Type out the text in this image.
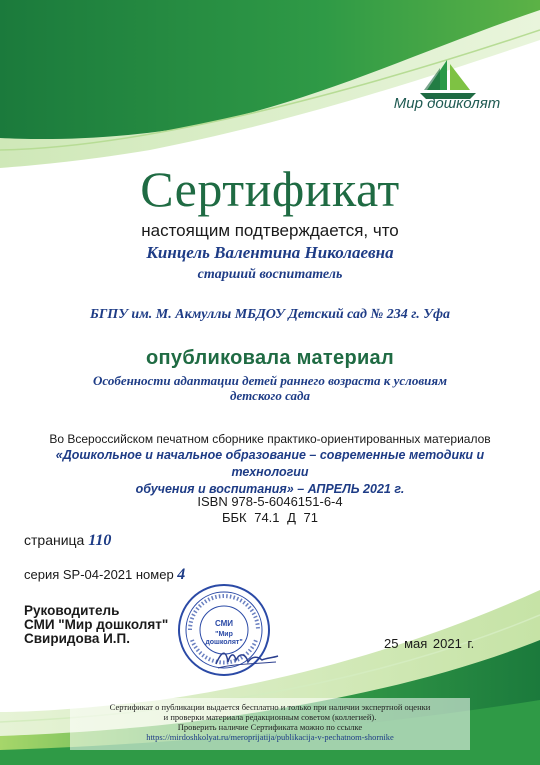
Мир дошколят
Сертификат
настоящим подтверждается, что
Кинцель Валентина Николаевна
старший воспитатель
БГПУ им. М. Акмуллы МБДОУ Детский сад № 234 г. Уфа
опубликовала материал
Особенности адаптации детей раннего возраста к условиям
детского сада
Во Всероссийском печатном сборнике практико-ориентированных материалов
«Дошкольное и начальное образование – современные методики и технологии
обучения и воспитания» – АПРЕЛЬ 2021 г.
ISBN 978-5-6046151-6-4
ББК 74.1 Д 71
страница 110
серия SP-04-2021 номер 4
Руководитель
СМИ "Мир дошколят"
Свиридова И.П.
СМИ
"Мир
дошколят"	25 мая 2021 г.
Сертификат о публикации выдается бесплатно и только при наличии экспертной оценки
и проверки материала редакционным советом (коллегией).
Проверить наличие Сертификата можно по ссылке
https://mirdoshkolyat.ru/meroprijatija/publikacija-v-pechatnom-shornike
